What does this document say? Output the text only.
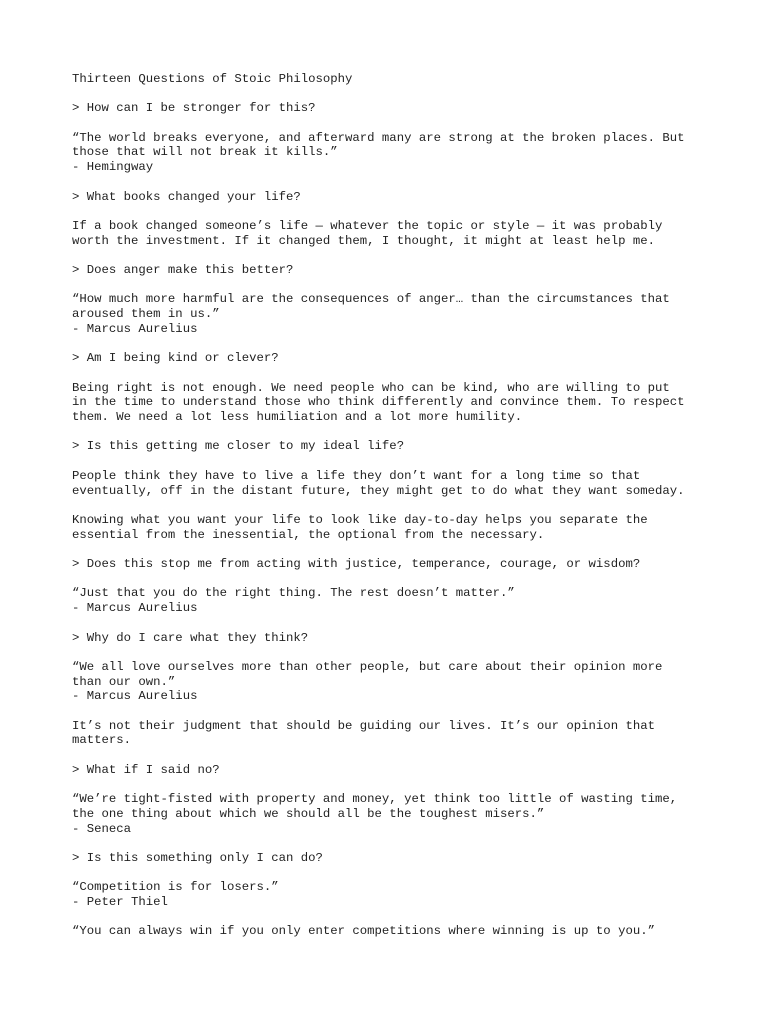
Thirteen Questions of Stoic Philosophy
> How can I be stronger for this?
“The world breaks everyone, and afterward many are strong at the broken places. But
those that will not break it kills.”
- Hemingway
> What books changed your life?
If a book changed someone’s life — whatever the topic or style — it was probably
worth the investment. If it changed them, I thought, it might at least help me.
> Does anger make this better?
“How much more harmful are the consequences of anger… than the circumstances that
aroused them in us.”
- Marcus Aurelius
> Am I being kind or clever?
Being right is not enough. We need people who can be kind, who are willing to put
in the time to understand those who think differently and convince them. To respect
them. We need a lot less humiliation and a lot more humility.
> Is this getting me closer to my ideal life?
People think they have to live a life they don’t want for a long time so that
eventually, off in the distant future, they might get to do what they want someday.
Knowing what you want your life to look like day-to-day helps you separate the
essential from the inessential, the optional from the necessary.
> Does this stop me from acting with justice, temperance, courage, or wisdom?
“Just that you do the right thing. The rest doesn’t matter.”
- Marcus Aurelius
> Why do I care what they think?
“We all love ourselves more than other people, but care about their opinion more
than our own.”
- Marcus Aurelius
It’s not their judgment that should be guiding our lives. It’s our opinion that
matters.
> What if I said no?
“We’re tight-fisted with property and money, yet think too little of wasting time,
the one thing about which we should all be the toughest misers.”
- Seneca
> Is this something only I can do?
“Competition is for losers.”
- Peter Thiel
“You can always win if you only enter competitions where winning is up to you.”
